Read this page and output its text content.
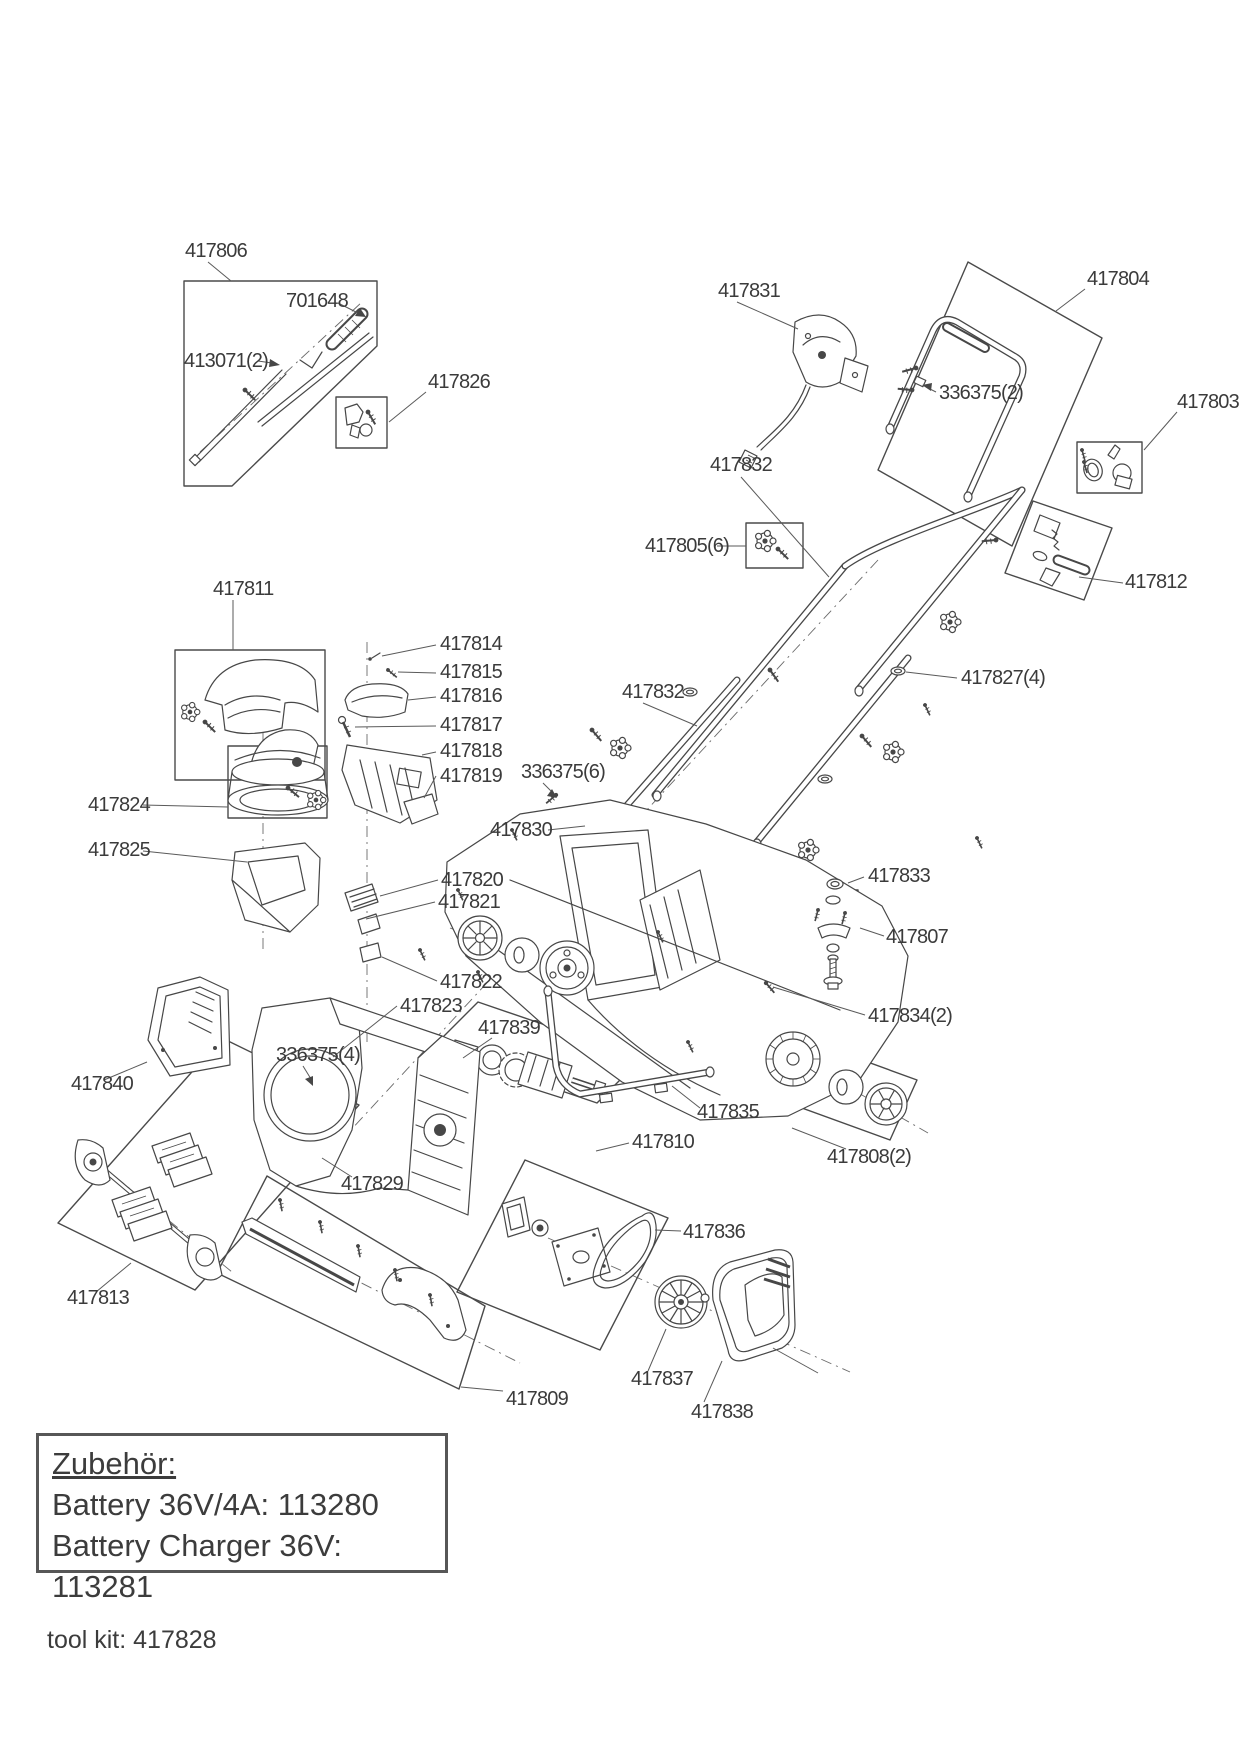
417806
701648
413071(2)
417826
417831
417804
336375(2)	417803
417832
417805(6)
417812
417811
417832
417827(4)
417814
417815
417816
417817
417818
417819 336375(6)
417824
417830
417825
417833
417820
417821
417807
417822
417823	417834(2)
417839
336375(4)
417840
417835
417810
417808(2)
417829
417836
417813
417809
417837
417838
Zubehör:
Battery 36V/4A: 113280
Battery Charger 36V: 113281
tool kit: 417828
